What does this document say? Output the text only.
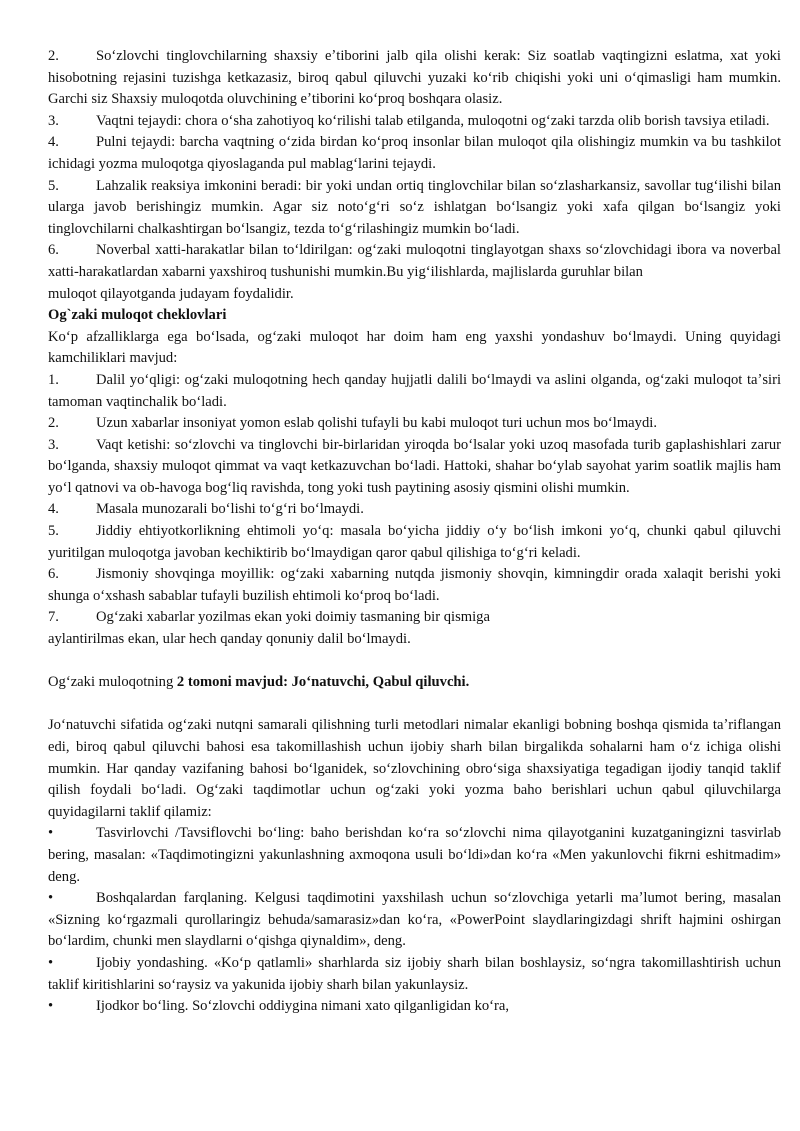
2.	Soʻzlovchi tinglovchilarning shaxsiy eʼtiborini jalb qila olishi kerak: Siz soatlab vaqtingizni eslatma, xat yoki hisobotning rejasini tuzishga ketkazasiz, biroq qabul qiluvchi yuzaki koʻrib chiqishi yoki uni oʻqimasligi ham mumkin. Garchi siz Shaxsiy muloqotda oluvchining eʼtiborini koʻproq boshqara olasiz.

3.	Vaqtni tejaydi: chora oʻsha zahotiyoq koʻrilishi talab etilganda, muloqotni ogʻzaki tarzda olib borish tavsiya etiladi.

4.	Pulni tejaydi: barcha vaqtning oʻzida birdan koʻproq insonlar bilan muloqot qila olishingiz mumkin va bu tashkilot ichidagi yozma muloqotga qiyoslaganda pul mablagʻlarini tejaydi.

5.	Lahzalik reaksiya imkonini beradi: bir yoki undan ortiq tinglovchilar bilan soʻzlasharkansiz, savollar tugʻilishi bilan ularga javob berishingiz mumkin. Agar siz notoʻgʻri soʻz ishlatgan boʻlsangiz yoki xafa qilgan boʻlsangiz yoki tinglovchilarni chalkashtirgan boʻlsangiz, tezda toʻgʻrilashingiz mumkin boʻladi.

6.	Noverbal xatti-harakatlar bilan toʻldirilgan: ogʻzaki muloqotni tinglayotgan shaxs soʻzlovchidagi ibora va noverbal xatti-harakatlardan xabarni yaxshiroq tushunishi mumkin.Bu yigʻilishlarda, majlislarda guruhlar bilan

muloqot qilayotganda judayam foydalidir.

Og`zaki muloqot cheklovlari

Koʻp afzalliklarga ega boʻlsada, ogʻzaki muloqot har doim ham eng yaxshi yondashuv boʻlmaydi. Uning quyidagi kamchiliklari mavjud:

1.	Dalil yoʻqligi: ogʻzaki muloqotning hech qanday hujjatli dalili boʻlmaydi va aslini olganda, ogʻzaki muloqot taʼsiri tamoman vaqtinchalik boʻladi.

2.	Uzun xabarlar insoniyat yomon eslab qolishi tufayli bu kabi muloqot turi uchun mos boʻlmaydi.

3.	Vaqt ketishi: soʻzlovchi va tinglovchi bir-birlaridan yiroqda boʻlsalar yoki uzoq masofada turib gaplashishlari zarur boʻlganda, shaxsiy muloqot qimmat va vaqt ketkazuvchan boʻladi. Hattoki, shahar boʻylab sayohat yarim soatlik majlis ham yoʻl qatnovi va ob-havoga bogʻliq ravishda, tong yoki tush paytining asosiy qismini olishi mumkin.

4.	Masala munozarali boʻlishi toʻgʻri boʻlmaydi.

5.	Jiddiy ehtiyotkorlikning ehtimoli yoʻq: masala boʻyicha jiddiy oʻy boʻlish imkoni yoʻq, chunki qabul qiluvchi yuritilgan muloqotga javoban kechiktirib boʻlmaydigan qaror qabul qilishiga toʻgʻri keladi.

6.	Jismoniy shovqinga moyillik: ogʻzaki xabarning nutqda jismoniy shovqin, kimningdir orada xalaqit berishi yoki shunga oʻxshash sabablar tufayli buzilish ehtimoli koʻproq boʻladi.

7.	Ogʻzaki xabarlar yozilmas ekan yoki doimiy tasmaning bir qismiga

aylantirilmas ekan, ular hech qanday qonuniy dalil boʻlmaydi.

Ogʻzaki muloqotning 2 tomoni mavjud: Joʻnatuvchi, Qabul qiluvchi.

Joʻnatuvchi sifatida ogʻzaki nutqni samarali qilishning turli metodlari nimalar ekanligi bobning boshqa qismida taʼriflangan edi, biroq qabul qiluvchi bahosi esa takomillashish uchun ijobiy sharh bilan birgalikda sohalarni ham oʻz ichiga olishi mumkin. Har qanday vazifaning bahosi boʻlganidek, soʻzlovchining obroʻsiga shaxsiyatiga tegadigan ijodiy tanqid taklif qilish foydali boʻladi. Ogʻzaki taqdimotlar uchun ogʻzaki yoki yozma baho berishlari uchun qabul qiluvchilarga quyidagilarni taklif qilamiz:

•	Tasvirlovchi /Tavsiflovchi boʻling: baho berishdan koʻra soʻzlovchi nima qilayotganini kuzatganingizni tasvirlab bering, masalan: «Taqdimotingizni yakunlashning axmoqona usuli boʻldi»dan koʻra «Men yakunlovchi fikrni eshitmadim» deng.

•	Boshqalardan farqlaning. Kelgusi taqdimotini yaxshilash uchun soʻzlovchiga yetarli maʼlumot bering, masalan «Sizning koʻrgazmali qurollaringiz behuda/samarasiz»dan koʻra, «PowerPoint slaydlaringizdagi shrift hajmini oshirgan boʻlardim, chunki men slaydlarni oʻqishga qiynaldim», deng.

•	Ijobiy yondashing. «Koʻp qatlamli» sharhlarda siz ijobiy sharh bilan boshlaysiz, soʻngra takomillashtirish uchun taklif kiritishlarini soʻraysiz va yakunida ijobiy sharh bilan yakunlaysiz.

•	Ijodkor boʻling. Soʻzlovchi oddiygina nimani xato qilganligidan koʻra,
